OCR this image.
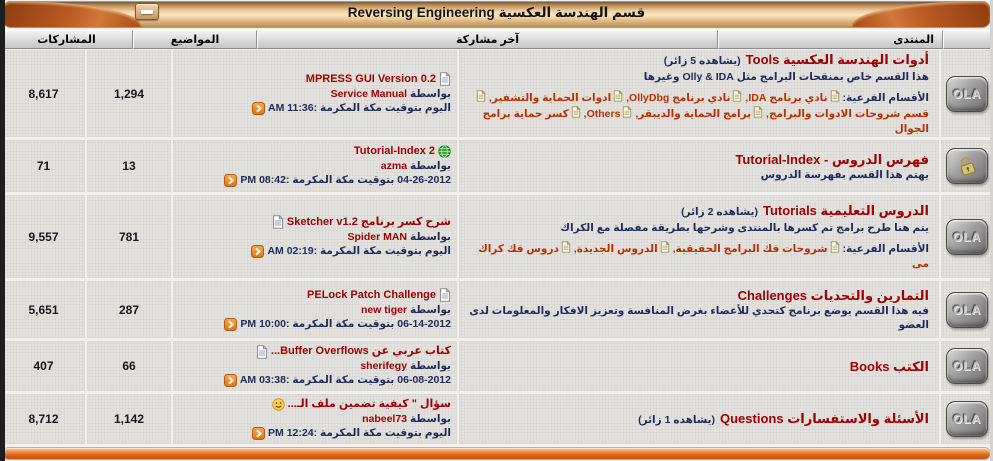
قسم الهندسة العكسية Reversing Engineering
المنتدى
آخر مشاركة
المواضيع
المشاركات
OLA
أدوات الهندسة العكسية Tools
(يشاهده 5 زائر)
هذا القسم خاص بمنقحات البرامج مثل Olly & IDA وغيرها
الأقسام الفرعية:
نادي برنامج IDA,
نادي برنامج OllyDbg,
ادوات الحماية والتشفير,
قسم شروحات الادوات والبرامج,
برامج الحماية والديبقر,
Others,
كسر حماية برامج الجوال
MPRESS GUI Version 0.2
بواسطة Service Manual
اليوم بتوقيت مكة المكرمة :11:36 AM
1,294
8,617
فهرس الدروس - Tutorial-Index
يهتم هذا القسم بفهرسة الدروس
Tutorial-Index 2
بواسطة azma
04-26-2012 بتوقيت مكة المكرمة :08:42 PM
13
71
OLA
الدروس التعليمية Tutorials
(يشاهده 2 زائر)
يتم هنا طرح برامج تم كسرها بالمنتدى وشرحها بطريقة مفصلة مع الكراك
الأقسام الفرعية:
شروحات فك البرامج الحقيقية,
الدروس الجديدة,
دروس فك كراك مى
شرح كسر برنامج Sketcher v1.2
بواسطة Spider MAN
اليوم بتوقيت مكة المكرمة :02:19 AM
781
9,557
OLA
التمارين والتحديات Challenges
فيه هذا القسم يوضع برنامج كتحدي للأعضاء بغرض المنافسة وتعزيز الافكار والمعلومات لدى العضو
PELock Patch Challenge
بواسطة new tiger
06-14-2012 بتوقيت مكة المكرمة :10:00 PM
287
5,651
OLA
الكتب Books
كتاب عربي عن Buffer Overflows...
بواسطة sherifegy
06-08-2012 بتوقيت مكة المكرمة :03:38 AM
66
407
OLA
الأسئلة والاستفسارات Questions
(يشاهده 1 زائر)
سؤال " كيفية تضمين ملف الـ...
بواسطة nabeel73
اليوم بتوقيت مكة المكرمة :12:24 PM
1,142
8,712
